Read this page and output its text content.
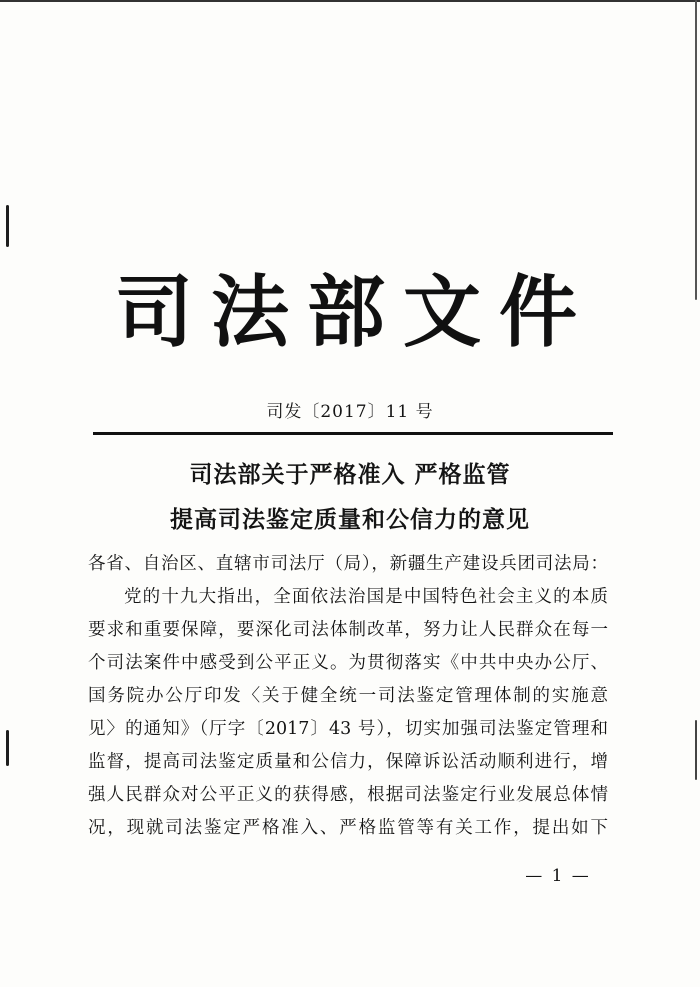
司法部文件
司发〔2017〕11 号
司法部关于严格准入 严格监管
提高司法鉴定质量和公信力的意见
各省、自治区、直辖市司法厅（局），新疆生产建设兵团司法局：
党的十九大指出，全面依法治国是中国特色社会主义的本质
要求和重要保障，要深化司法体制改革，努力让人民群众在每一
个司法案件中感受到公平正义。为贯彻落实《中共中央办公厅、
国务院办公厅印发〈关于健全统一司法鉴定管理体制的实施意
见〉的通知》（厅字〔2017〕43 号），切实加强司法鉴定管理和
监督，提高司法鉴定质量和公信力，保障诉讼活动顺利进行，增
强人民群众对公平正义的获得感，根据司法鉴定行业发展总体情
况，现就司法鉴定严格准入、严格监管等有关工作，提出如下
— 1 —
